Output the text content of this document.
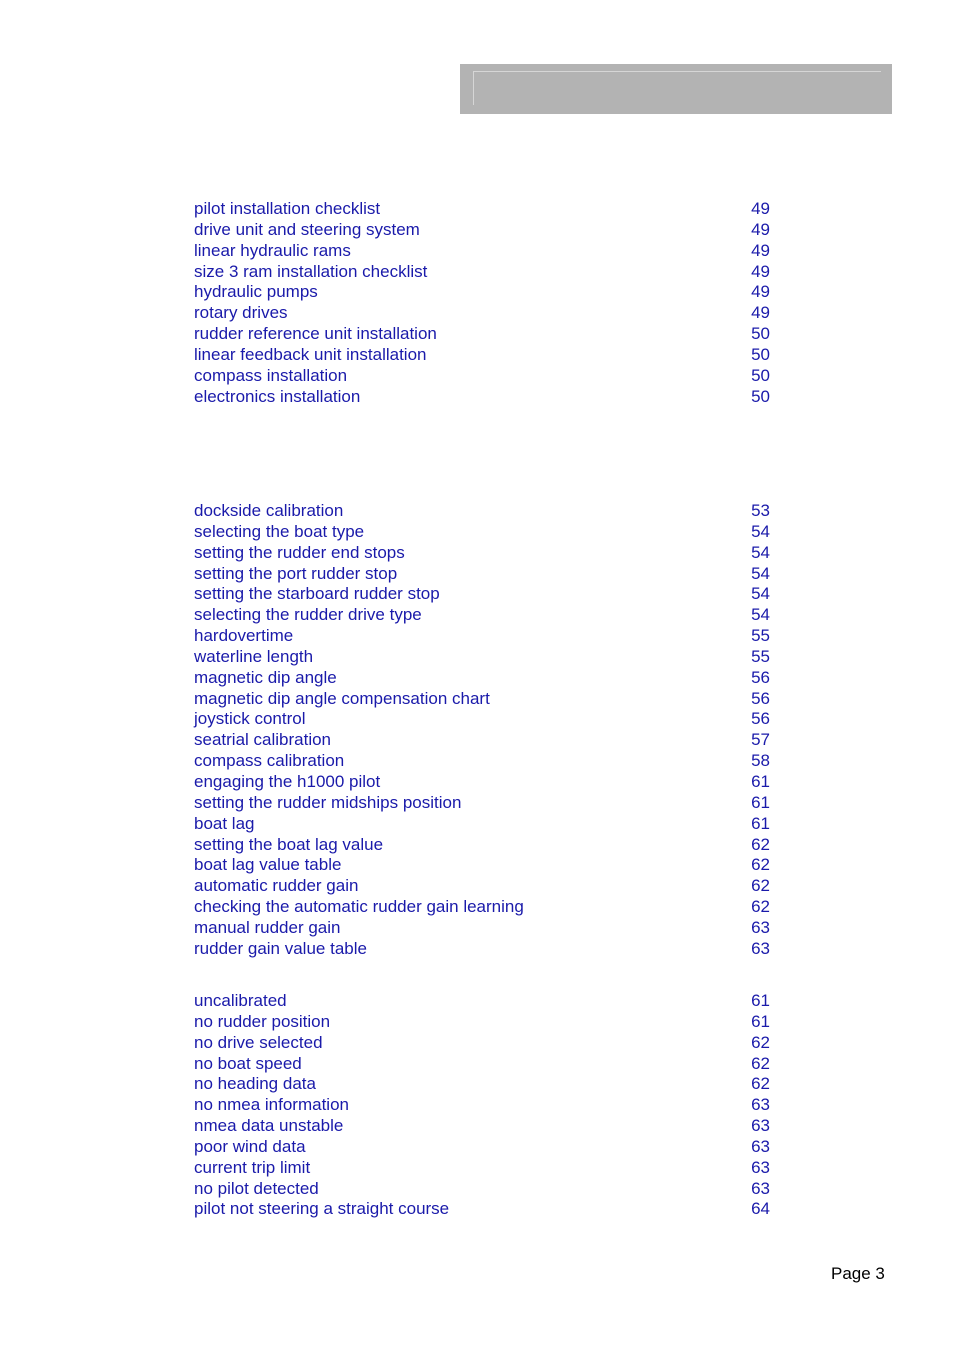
pilot installation checklist	49
drive unit and steering system	49
linear hydraulic rams	49
size 3 ram installation checklist	49
hydraulic pumps	49
rotary drives	49
rudder reference unit installation	50
linear feedback unit installation	50
compass installation	50
electronics installation	50
dockside calibration	53
selecting the boat type	54
setting the rudder end stops	54
setting the port rudder stop	54
setting the starboard rudder stop	54
selecting the rudder drive type	54
hardovertime	55
waterline length	55
magnetic dip angle	56
magnetic dip angle compensation chart	56
joystick control	56
seatrial calibration	57
compass calibration	58
engaging the h1000 pilot	61
setting the rudder midships position	61
boat lag	61
setting the boat lag value	62
boat lag value table	62
automatic rudder gain	62
checking the automatic rudder gain learning	62
manual rudder gain	63
rudder gain value table	63
uncalibrated	61
no rudder position	61
no drive selected	62
no boat speed	62
no heading data	62
no nmea information	63
nmea data unstable	63
poor wind data	63
current trip limit	63
no pilot detected	63
pilot not steering a straight course	64
Page 3
